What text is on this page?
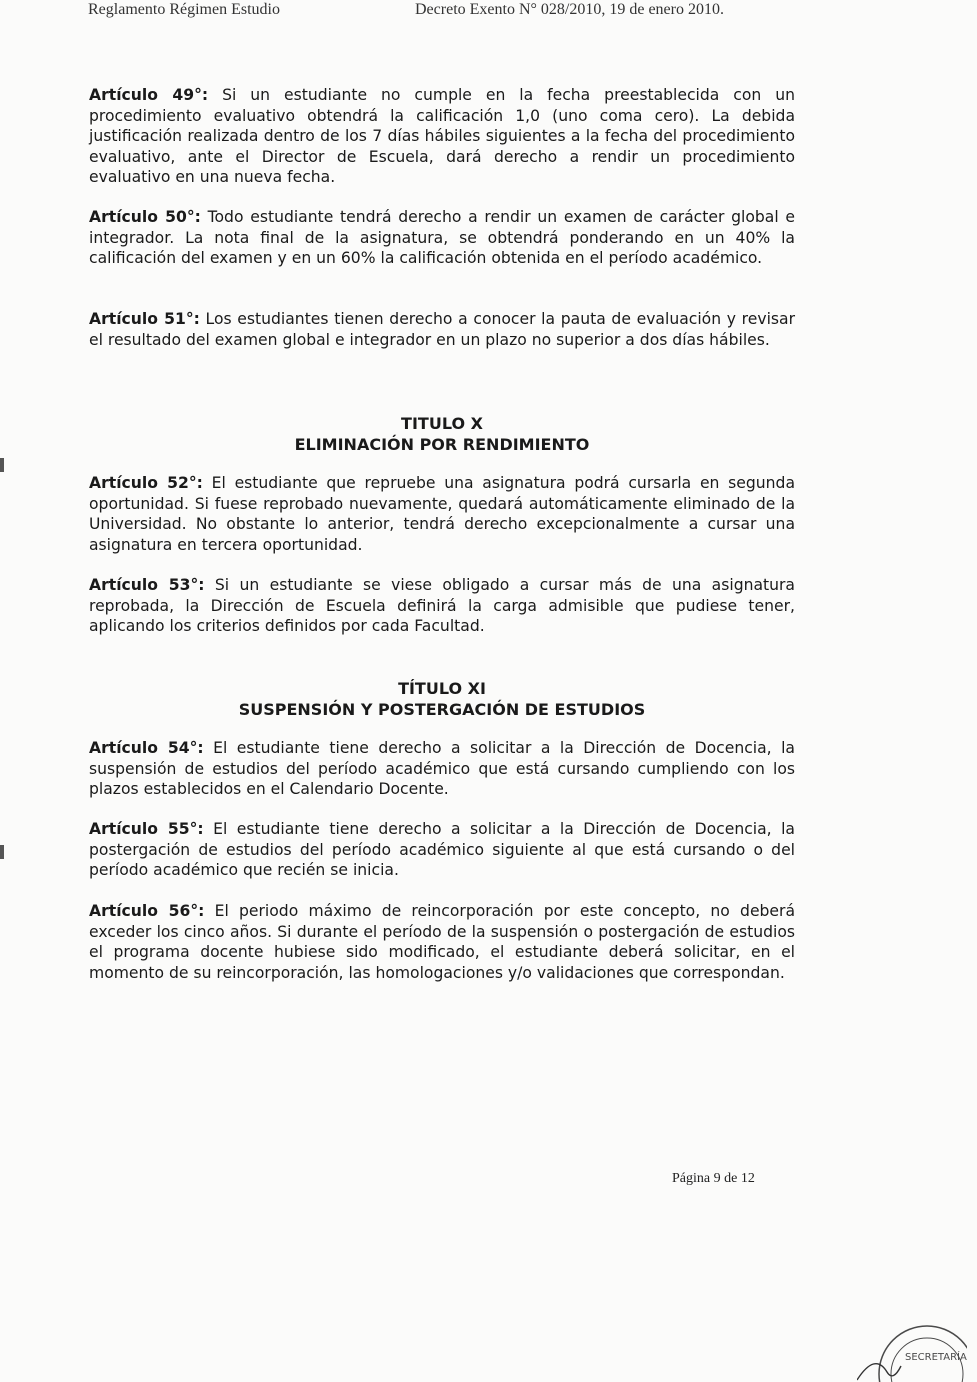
Reglamento Régimen Estudio	Decreto Exento N° 028/2010, 19 de enero 2010.
Artículo 49°: Si un estudiante no cumple en la fecha preestablecida con un procedimiento evaluativo obtendrá la calificación 1,0 (uno coma cero). La debida justificación realizada dentro de los 7 días hábiles siguientes a la fecha del procedimiento evaluativo, ante el Director de Escuela, dará derecho a rendir un procedimiento evaluativo en una nueva fecha.
Artículo 50°: Todo estudiante tendrá derecho a rendir un examen de carácter global e integrador. La nota final de la asignatura, se obtendrá ponderando en un 40% la calificación del examen y en un 60% la calificación obtenida en el período académico.
Artículo 51°: Los estudiantes tienen derecho a conocer la pauta de evaluación y revisar el resultado del examen global e integrador en un plazo no superior a dos días hábiles.
TITULO X
ELIMINACIÓN POR RENDIMIENTO
Artículo 52°: El estudiante que repruebe una asignatura podrá cursarla en segunda oportunidad. Si fuese reprobado nuevamente, quedará automáticamente eliminado de la Universidad. No obstante lo anterior, tendrá derecho excepcionalmente a cursar una asignatura en tercera oportunidad.
Artículo 53°: Si un estudiante se viese obligado a cursar más de una asignatura reprobada, la Dirección de Escuela definirá la carga admisible que pudiese tener, aplicando los criterios definidos por cada Facultad.
TÍTULO XI
SUSPENSIÓN Y POSTERGACIÓN DE ESTUDIOS
Artículo 54°: El estudiante tiene derecho a solicitar a la Dirección de Docencia, la suspensión de estudios del período académico que está cursando cumpliendo con los plazos establecidos en el Calendario Docente.
Artículo 55°: El estudiante tiene derecho a solicitar a la Dirección de Docencia, la postergación de estudios del período académico siguiente al que está cursando o del período académico que recién se inicia.
Artículo 56°: El periodo máximo de reincorporación por este concepto, no deberá exceder los cinco años. Si durante el período de la suspensión o postergación de estudios el programa docente hubiese sido modificado, el estudiante deberá solicitar, en el momento de su reincorporación, las homologaciones y/o validaciones que correspondan.
Página 9 de 12
SECRETARÍA
